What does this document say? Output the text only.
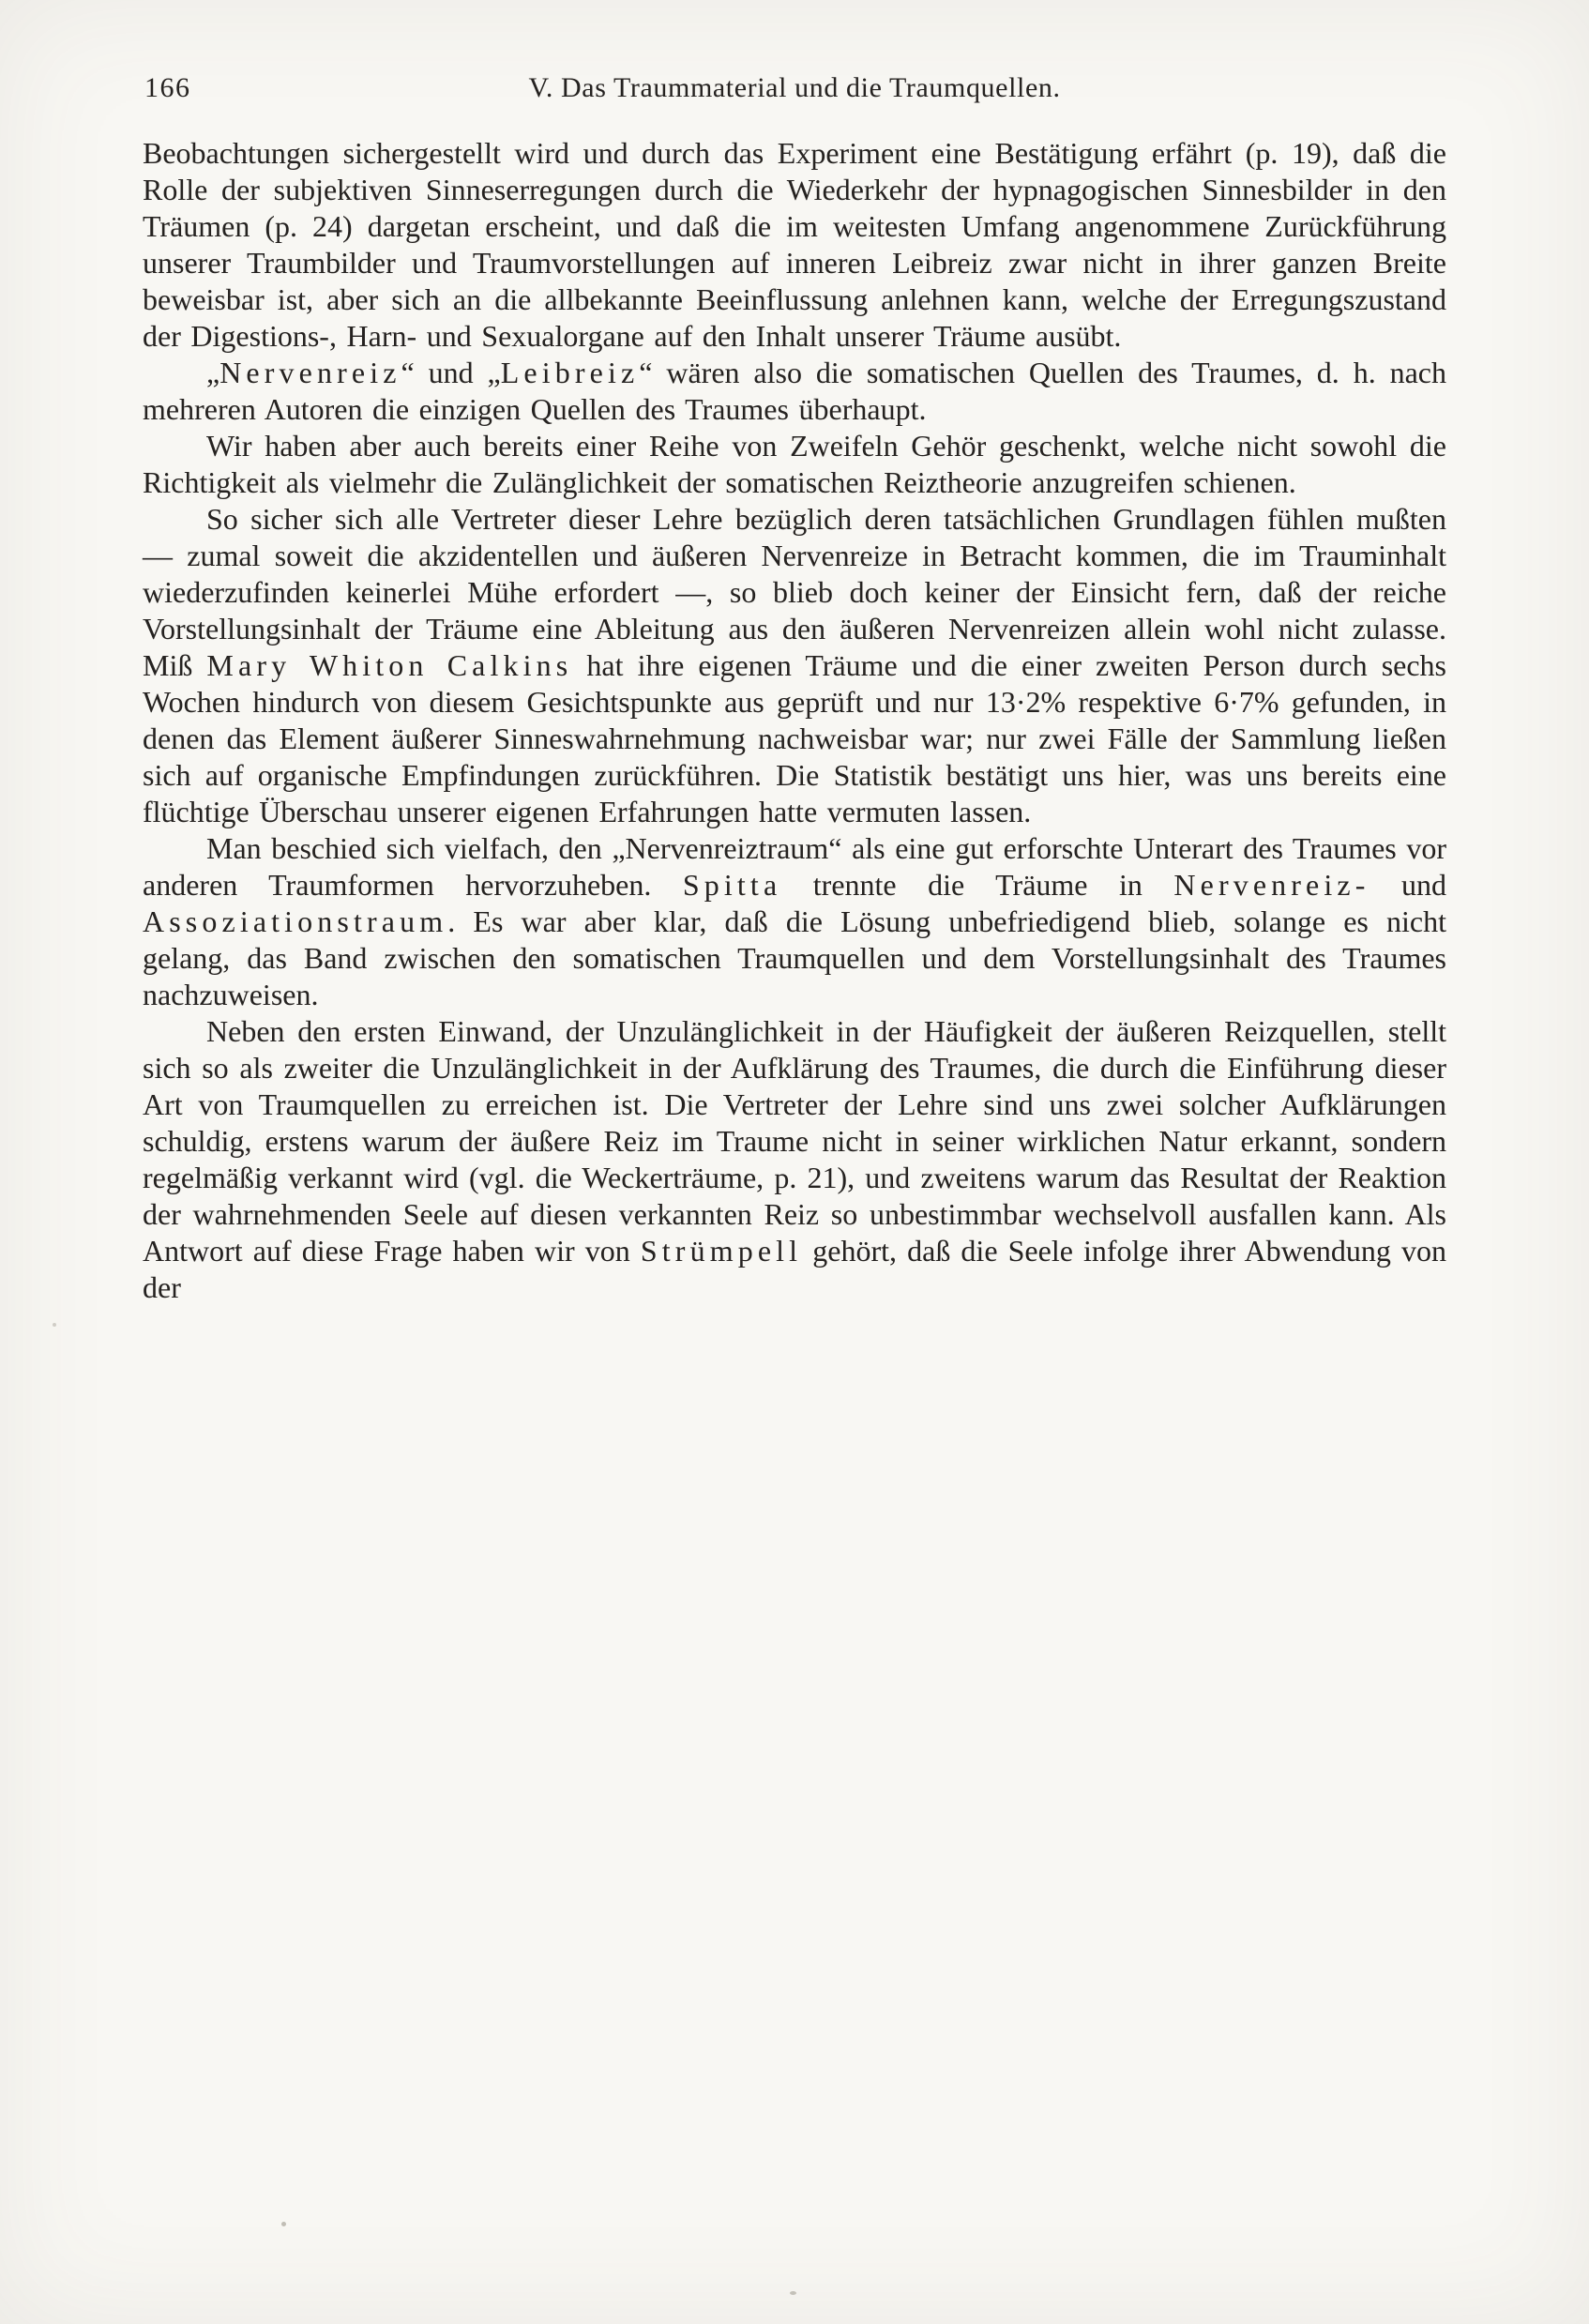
166	V. Das Traummaterial und die Traumquellen.

Beobachtungen sichergestellt wird und durch das Experiment eine Bestätigung erfährt (p. 19), daß die Rolle der subjektiven Sinneserregungen durch die Wiederkehr der hypnagogischen Sinnesbilder in den Träumen (p. 24) dargetan erscheint, und daß die im weitesten Umfang angenommene Zurückführung unserer Traumbilder und Traumvorstellungen auf inneren Leibreiz zwar nicht in ihrer ganzen Breite beweisbar ist, aber sich an die allbekannte Beeinflussung anlehnen kann, welche der Erregungszustand der Digestions-, Harn- und Sexualorgane auf den Inhalt unserer Träume ausübt.

„Nervenreiz“ und „Leibreiz“ wären also die somatischen Quellen des Traumes, d. h. nach mehreren Autoren die einzigen Quellen des Traumes überhaupt.

Wir haben aber auch bereits einer Reihe von Zweifeln Gehör geschenkt, welche nicht sowohl die Richtigkeit als vielmehr die Zulänglichkeit der somatischen Reiztheorie anzugreifen schienen.

So sicher sich alle Vertreter dieser Lehre bezüglich deren tatsächlichen Grundlagen fühlen mußten — zumal soweit die akzidentellen und äußeren Nervenreize in Betracht kommen, die im Trauminhalt wiederzufinden keinerlei Mühe erfordert —, so blieb doch keiner der Einsicht fern, daß der reiche Vorstellungsinhalt der Träume eine Ableitung aus den äußeren Nervenreizen allein wohl nicht zulasse. Miß Mary Whiton Calkins hat ihre eigenen Träume und die einer zweiten Person durch sechs Wochen hindurch von diesem Gesichtspunkte aus geprüft und nur 13·2% respektive 6·7% gefunden, in denen das Element äußerer Sinneswahrnehmung nachweisbar war; nur zwei Fälle der Sammlung ließen sich auf organische Empfindungen zurückführen. Die Statistik bestätigt uns hier, was uns bereits eine flüchtige Überschau unserer eigenen Erfahrungen hatte vermuten lassen.

Man beschied sich vielfach, den „Nervenreiztraum“ als eine gut erforschte Unterart des Traumes vor anderen Traumformen hervorzuheben. Spitta trennte die Träume in Nervenreiz- und Assoziationstraum. Es war aber klar, daß die Lösung unbefriedigend blieb, solange es nicht gelang, das Band zwischen den somatischen Traumquellen und dem Vorstellungsinhalt des Traumes nachzuweisen.

Neben den ersten Einwand, der Unzulänglichkeit in der Häufigkeit der äußeren Reizquellen, stellt sich so als zweiter die Unzulänglichkeit in der Aufklärung des Traumes, die durch die Einführung dieser Art von Traumquellen zu erreichen ist. Die Vertreter der Lehre sind uns zwei solcher Aufklärungen schuldig, erstens warum der äußere Reiz im Traume nicht in seiner wirklichen Natur erkannt, sondern regelmäßig verkannt wird (vgl. die Weckerträume, p. 21), und zweitens warum das Resultat der Reaktion der wahrnehmenden Seele auf diesen verkannten Reiz so unbestimmbar wechselvoll ausfallen kann. Als Antwort auf diese Frage haben wir von Strümpell gehört, daß die Seele infolge ihrer Abwendung von der
